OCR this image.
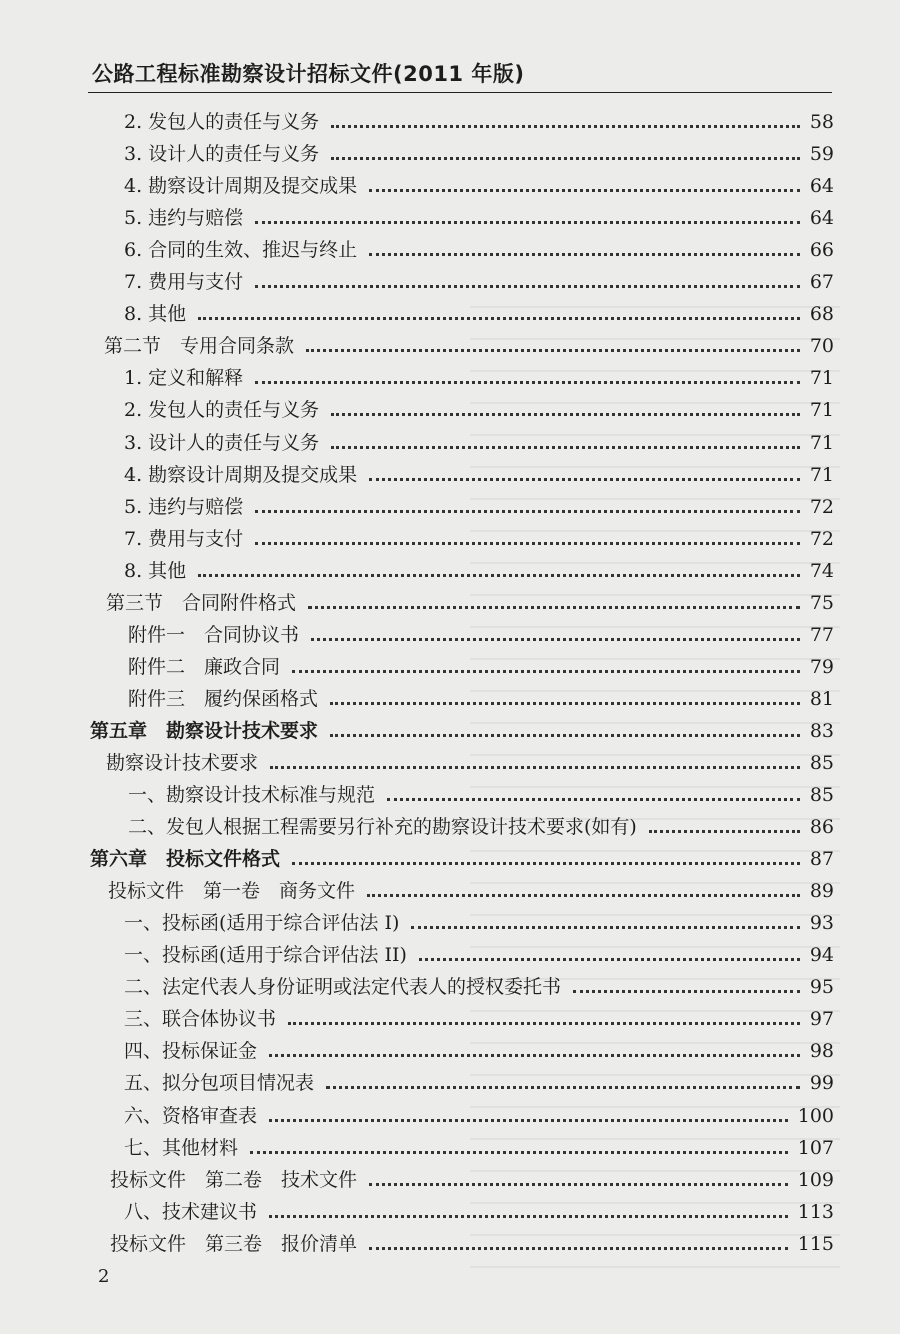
公路工程标准勘察设计招标文件(2011 年版)
2. 发包人的责任与义务	58
3. 设计人的责任与义务	59
4. 勘察设计周期及提交成果	64
5. 违约与赔偿	64
6. 合同的生效、推迟与终止	66
7. 费用与支付	67
8. 其他	68
第二节　专用合同条款	70
1. 定义和解释	71
2. 发包人的责任与义务	71
3. 设计人的责任与义务	71
4. 勘察设计周期及提交成果	71
5. 违约与赔偿	72
7. 费用与支付	72
8. 其他	74
第三节　合同附件格式	75
附件一　合同协议书	77
附件二　廉政合同	79
附件三　履约保函格式	81
第五章　勘察设计技术要求	83
勘察设计技术要求	85
一、勘察设计技术标准与规范	85
二、发包人根据工程需要另行补充的勘察设计技术要求(如有)	86
第六章　投标文件格式	87
投标文件　第一卷　商务文件	89
一、投标函(适用于综合评估法 I)	93
一、投标函(适用于综合评估法 II)	94
二、法定代表人身份证明或法定代表人的授权委托书	95
三、联合体协议书	97
四、投标保证金	98
五、拟分包项目情况表	99
六、资格审查表	100
七、其他材料	107
投标文件　第二卷　技术文件	109
八、技术建议书	113
投标文件　第三卷　报价清单	115
2
